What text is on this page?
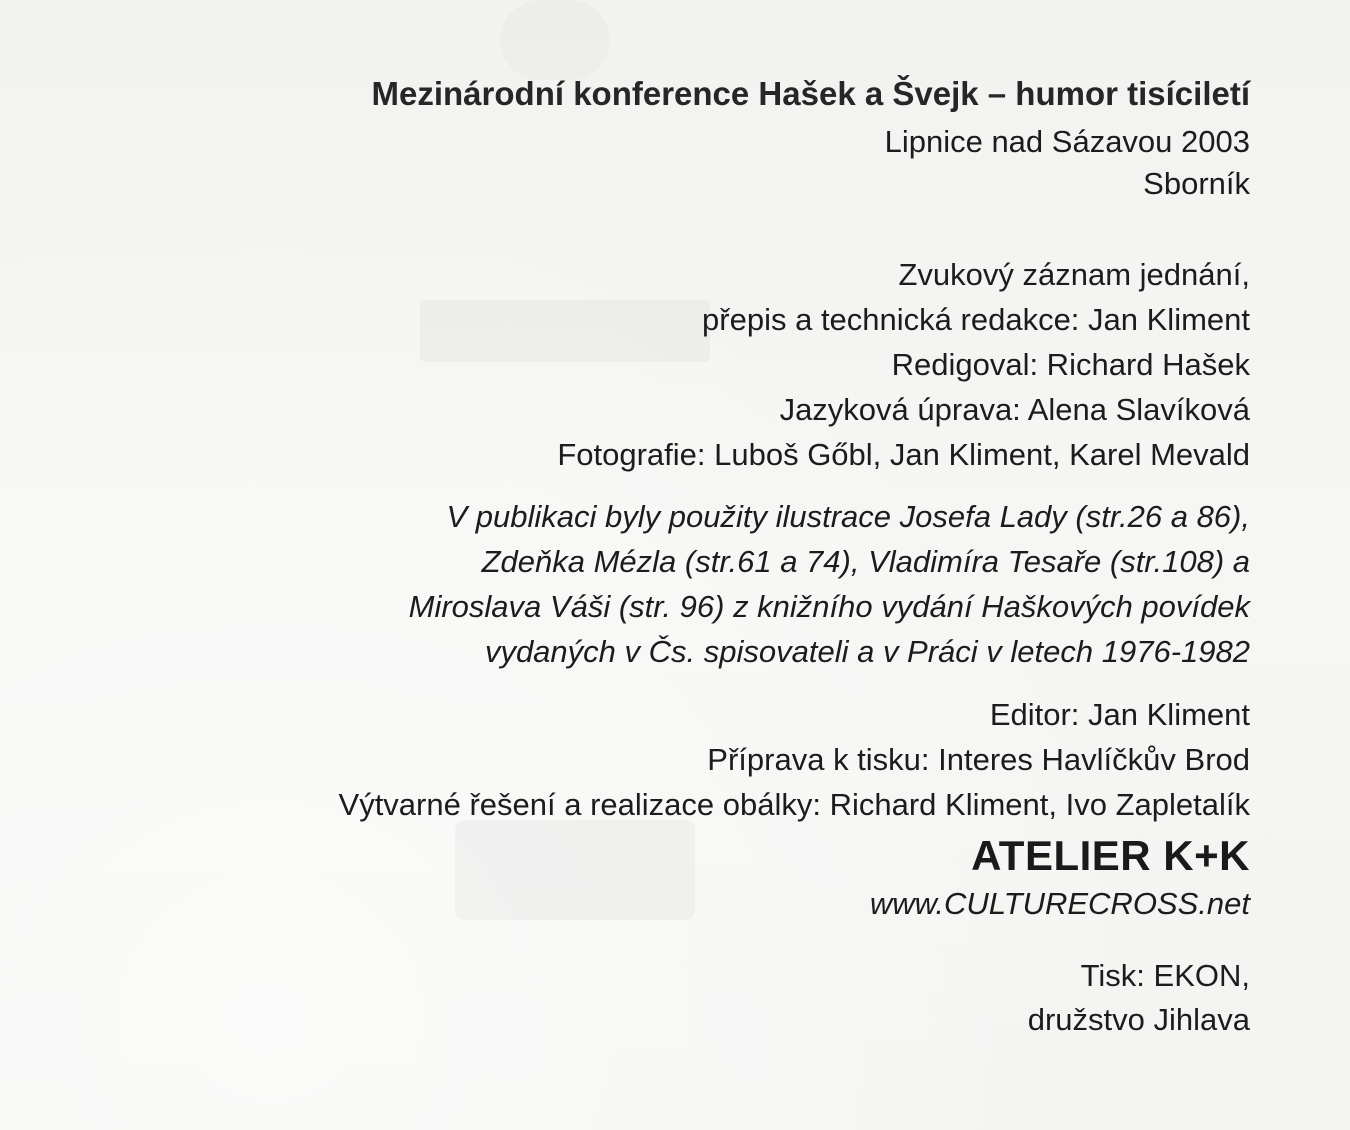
Mezinárodní konference Hašek a Švejk – humor tisíciletí
Lipnice nad Sázavou 2003
Sborník
Zvukový záznam jednání,
přepis a technická redakce: Jan Kliment
Redigoval: Richard Hašek
Jazyková úprava: Alena Slavíková
Fotografie: Luboš Gőbl, Jan Kliment, Karel Mevald
V publikaci byly použity ilustrace Josefa Lady (str.26 a 86),
Zdeňka Mézla (str.61 a 74), Vladimíra Tesaře (str.108) a
Miroslava Váši (str. 96) z knižního vydání Haškových povídek
vydaných v Čs. spisovateli a v Práci v letech 1976-1982
Editor: Jan Kliment
Příprava k tisku: Interes Havlíčkův Brod
Výtvarné řešení a realizace obálky: Richard Kliment, Ivo Zapletalík
ATELIER K+K
www.CULTURECROSS.net
Tisk: EKON,
družstvo Jihlava
